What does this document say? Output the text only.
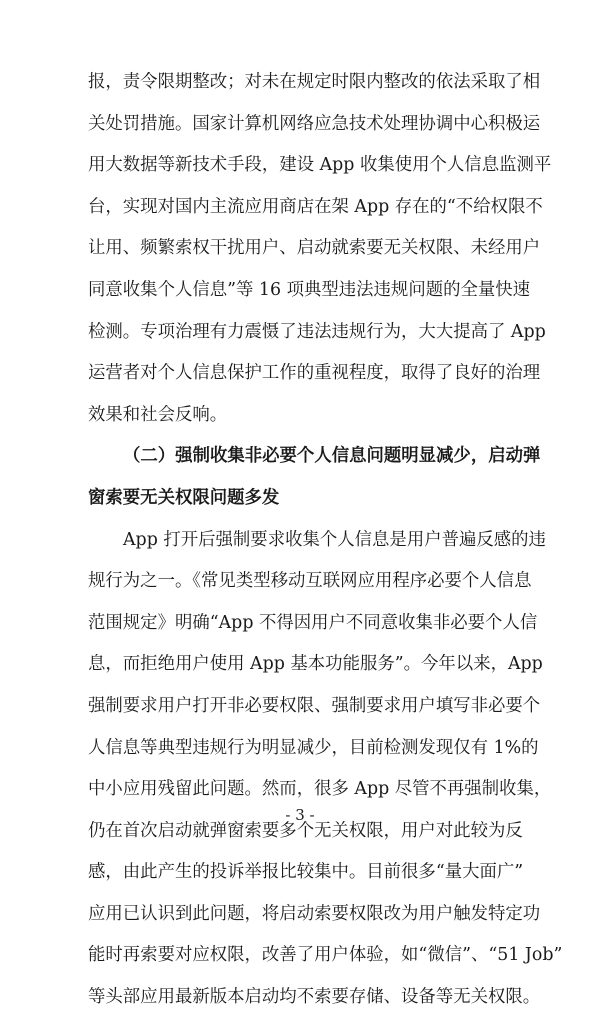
报，责令限期整改；对未在规定时限内整改的依法采取了相
关处罚措施。国家计算机网络应急技术处理协调中心积极运
用大数据等新技术手段，建设 App 收集使用个人信息监测平
台，实现对国内主流应用商店在架 App 存在的“不给权限不
让用、频繁索权干扰用户、启动就索要无关权限、未经用户
同意收集个人信息”等 16 项典型违法违规问题的全量快速
检测。专项治理有力震慑了违法违规行为，大大提高了 App
运营者对个人信息保护工作的重视程度，取得了良好的治理
效果和社会反响。
（二）强制收集非必要个人信息问题明显减少，启动弹
窗索要无关权限问题多发
App 打开后强制要求收集个人信息是用户普遍反感的违
规行为之一。《常见类型移动互联网应用程序必要个人信息
范围规定》明确“App 不得因用户不同意收集非必要个人信
息，而拒绝用户使用 App 基本功能服务”。今年以来，App
强制要求用户打开非必要权限、强制要求用户填写非必要个
人信息等典型违规行为明显减少，目前检测发现仅有 1%的
中小应用残留此问题。然而，很多 App 尽管不再强制收集，
仍在首次启动就弹窗索要多个无关权限，用户对此较为反
感，由此产生的投诉举报比较集中。目前很多“量大面广”
应用已认识到此问题，将启动索要权限改为用户触发特定功
能时再索要对应权限，改善了用户体验，如“微信”、“51 Job”
等头部应用最新版本启动均不索要存储、设备等无关权限。
- 3 -
